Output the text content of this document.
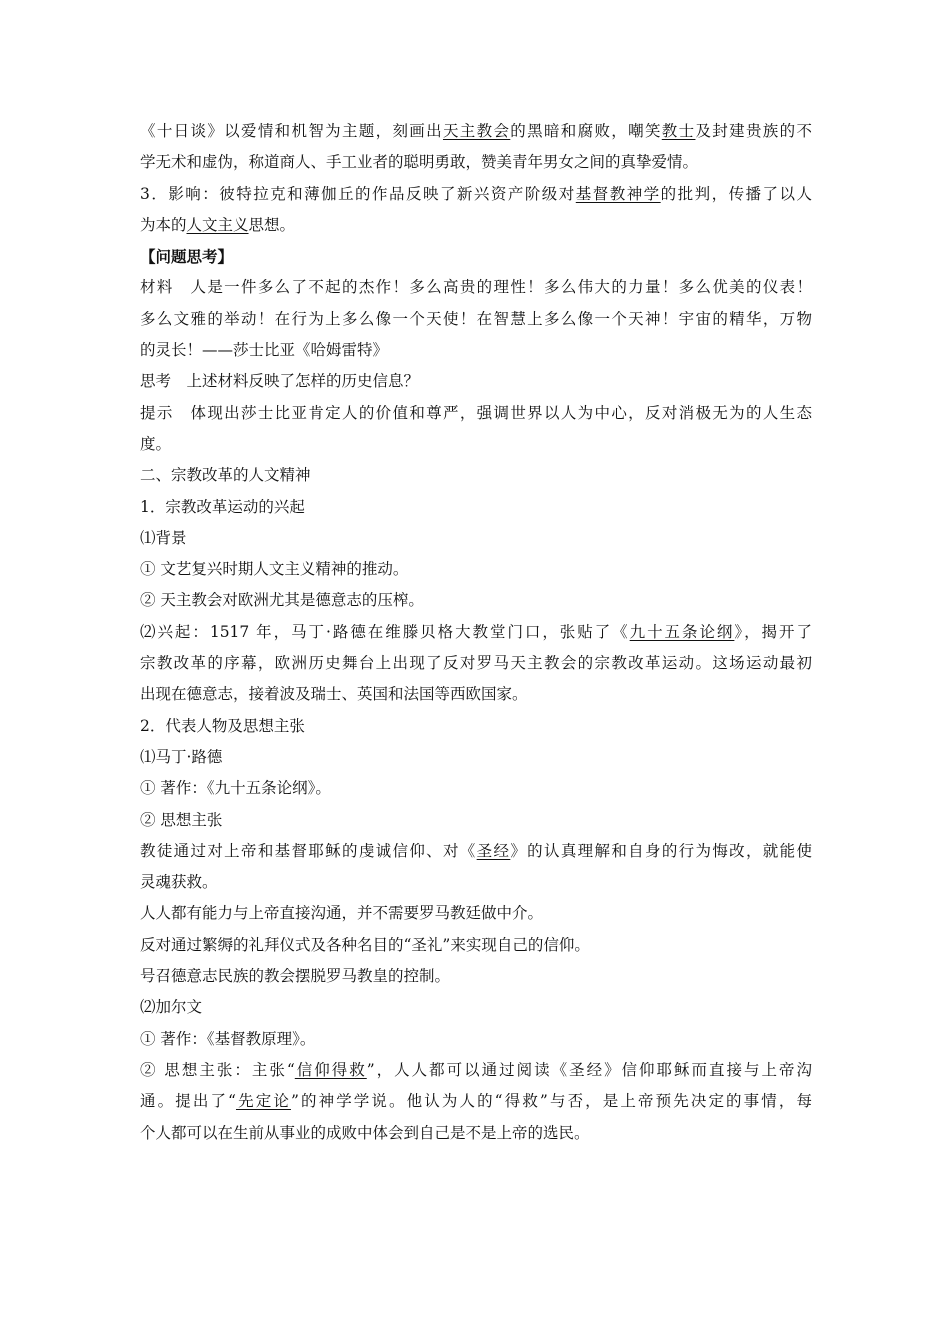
《十日谈》以爱情和机智为主题，刻画出天主教会的黑暗和腐败，嘲笑教士及封建贵族的不
学无术和虚伪，称道商人、手工业者的聪明勇敢，赞美青年男女之间的真挚爱情。
3．影响：彼特拉克和薄伽丘的作品反映了新兴资产阶级对基督教神学的批判，传播了以人
为本的人文主义思想。
【问题思考】
材料　人是一件多么了不起的杰作！多么高贵的理性！多么伟大的力量！多么优美的仪表！
多么文雅的举动！在行为上多么像一个天使！在智慧上多么像一个天神！宇宙的精华，万物
的灵长！——莎士比亚《哈姆雷特》
思考　上述材料反映了怎样的历史信息？
提示　体现出莎士比亚肯定人的价值和尊严，强调世界以人为中心，反对消极无为的人生态
度。
二、宗教改革的人文精神
1．宗教改革运动的兴起
⑴背景
① 文艺复兴时期人文主义精神的推动。
② 天主教会对欧洲尤其是德意志的压榨。
⑵兴起：1517 年，马丁·路德在维滕贝格大教堂门口，张贴了《九十五条论纲》，揭开了
宗教改革的序幕，欧洲历史舞台上出现了反对罗马天主教会的宗教改革运动。这场运动最初
出现在德意志，接着波及瑞士、英国和法国等西欧国家。
2．代表人物及思想主张
⑴马丁·路德
① 著作：《九十五条论纲》。
② 思想主张
教徒通过对上帝和基督耶稣的虔诚信仰、对《圣经》的认真理解和自身的行为悔改，就能使
灵魂获救。
人人都有能力与上帝直接沟通，并不需要罗马教廷做中介。
反对通过繁缛的礼拜仪式及各种名目的“圣礼”来实现自己的信仰。
号召德意志民族的教会摆脱罗马教皇的控制。
⑵加尔文
① 著作：《基督教原理》。
② 思想主张：主张“信仰得救”，人人都可以通过阅读《圣经》信仰耶稣而直接与上帝沟
通。提出了“先定论”的神学学说。他认为人的“得救”与否，是上帝预先决定的事情，每
个人都可以在生前从事业的成败中体会到自己是不是上帝的选民。
